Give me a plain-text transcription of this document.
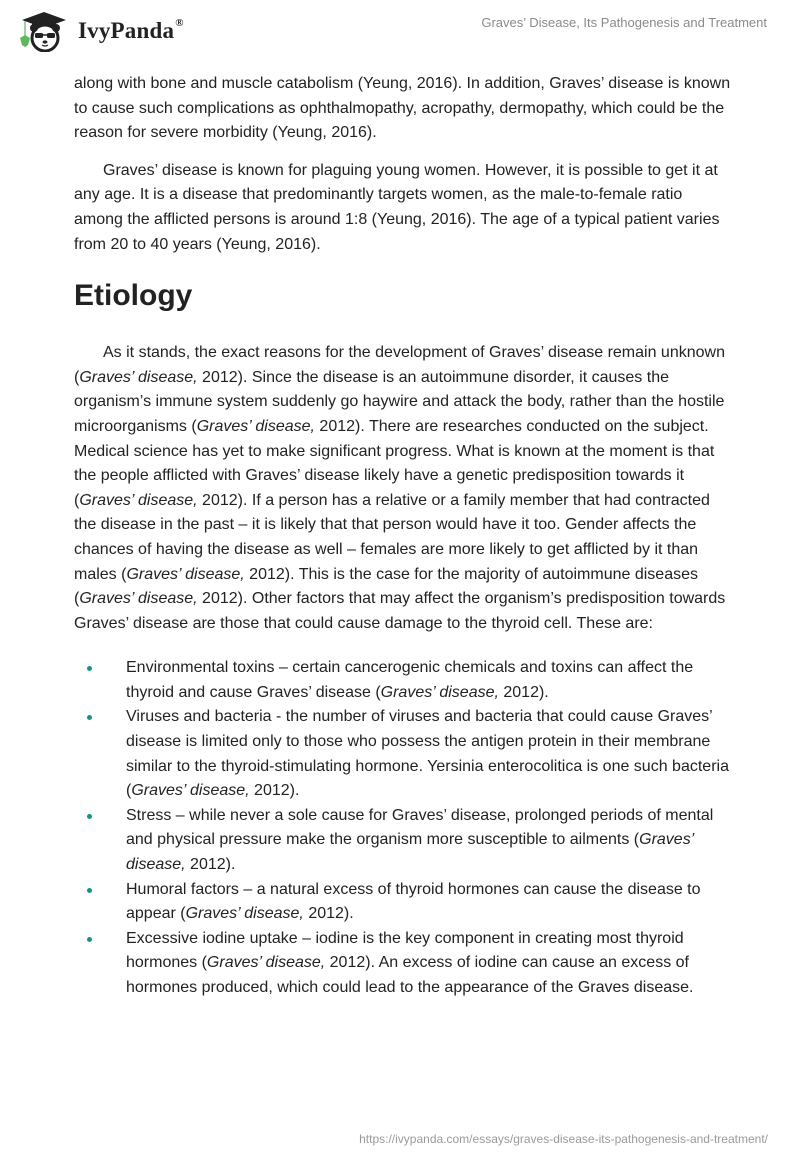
IvyPanda®	Graves’ Disease, Its Pathogenesis and Treatment

along with bone and muscle catabolism (Yeung, 2016). In addition, Graves’ disease is known to cause such complications as ophthalmopathy, acropathy, dermopathy, which could be the reason for severe morbidity (Yeung, 2016).

Graves’ disease is known for plaguing young women. However, it is possible to get it at any age. It is a disease that predominantly targets women, as the male-to-female ratio among the afflicted persons is around 1:8 (Yeung, 2016). The age of a typical patient varies from 20 to 40 years (Yeung, 2016).

Etiology

As it stands, the exact reasons for the development of Graves’ disease remain unknown (Graves’ disease, 2012). Since the disease is an autoimmune disorder, it causes the organism’s immune system suddenly go haywire and attack the body, rather than the hostile microorganisms (Graves’ disease, 2012). There are researches conducted on the subject. Medical science has yet to make significant progress. What is known at the moment is that the people afflicted with Graves’ disease likely have a genetic predisposition towards it (Graves’ disease, 2012). If a person has a relative or a family member that had contracted the disease in the past – it is likely that that person would have it too. Gender affects the chances of having the disease as well – females are more likely to get afflicted by it than males (Graves’ disease, 2012). This is the case for the majority of autoimmune diseases (Graves’ disease, 2012). Other factors that may affect the organism’s predisposition towards Graves’ disease are those that could cause damage to the thyroid cell. These are:

Environmental toxins – certain cancerogenic chemicals and toxins can affect the thyroid and cause Graves’ disease (Graves’ disease, 2012).
Viruses and bacteria - the number of viruses and bacteria that could cause Graves’ disease is limited only to those who possess the antigen protein in their membrane similar to the thyroid-stimulating hormone. Yersinia enterocolitica is one such bacteria (Graves’ disease, 2012).
Stress – while never a sole cause for Graves’ disease, prolonged periods of mental and physical pressure make the organism more susceptible to ailments (Graves’ disease, 2012).
Humoral factors – a natural excess of thyroid hormones can cause the disease to appear (Graves’ disease, 2012).
Excessive iodine uptake – iodine is the key component in creating most thyroid hormones (Graves’ disease, 2012). An excess of iodine can cause an excess of hormones produced, which could lead to the appearance of the Graves disease.
https://ivypanda.com/essays/graves-disease-its-pathogenesis-and-treatment/
